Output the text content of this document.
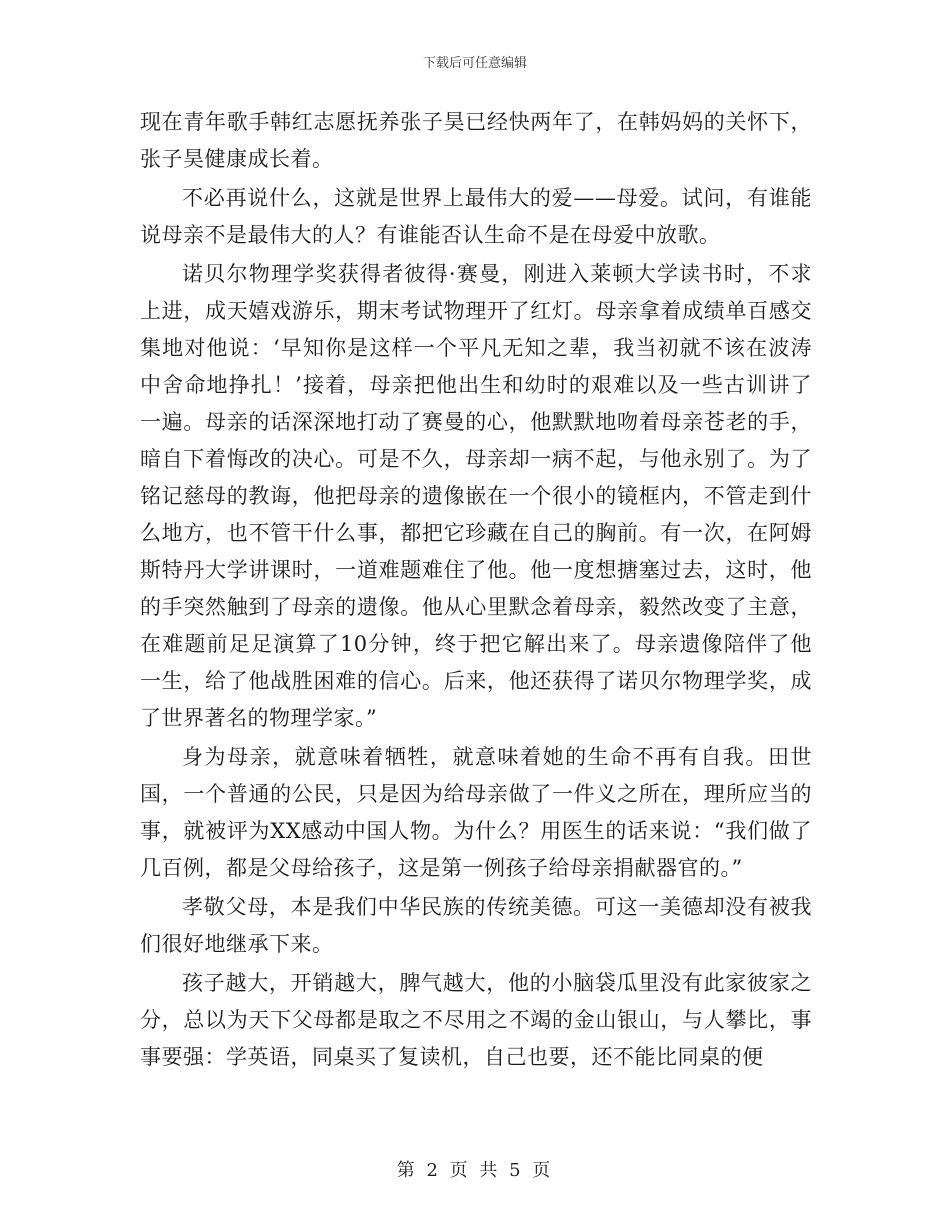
下载后可任意编辑

现在青年歌手韩红志愿抚养张子昊已经快两年了，在韩妈妈的关怀下，张子昊健康成长着。

不必再说什么，这就是世界上最伟大的爱——母爱。试问，有谁能说母亲不是最伟大的人？有谁能否认生命不是在母爱中放歌。

诺贝尔物理学奖获得者彼得·赛曼，刚进入莱顿大学读书时，不求上进，成天嬉戏游乐，期末考试物理开了红灯。母亲拿着成绩单百感交集地对他说：‘早知你是这样一个平凡无知之辈，我当初就不该在波涛中舍命地挣扎！’接着，母亲把他出生和幼时的艰难以及一些古训讲了一遍。母亲的话深深地打动了赛曼的心，他默默地吻着母亲苍老的手，暗自下着悔改的决心。可是不久，母亲却一病不起，与他永别了。为了铭记慈母的教诲，他把母亲的遗像嵌在一个很小的镜框内，不管走到什么地方，也不管干什么事，都把它珍藏在自己的胸前。有一次，在阿姆斯特丹大学讲课时，一道难题难住了他。他一度想搪塞过去，这时，他的手突然触到了母亲的遗像。他从心里默念着母亲，毅然改变了主意，在难题前足足演算了10分钟，终于把它解出来了。母亲遗像陪伴了他一生，给了他战胜困难的信心。后来，他还获得了诺贝尔物理学奖，成了世界著名的物理学家。”

身为母亲，就意味着牺牲，就意味着她的生命不再有自我。田世国，一个普通的公民，只是因为给母亲做了一件义之所在，理所应当的事，就被评为XX感动中国人物。为什么？用医生的话来说：“我们做了几百例，都是父母给孩子，这是第一例孩子给母亲捐献器官的。”

孝敬父母，本是我们中华民族的传统美德。可这一美德却没有被我们很好地继承下来。

孩子越大，开销越大，脾气越大，他的小脑袋瓜里没有此家彼家之分，总以为天下父母都是取之不尽用之不竭的金山银山，与人攀比，事事要强：学英语，同桌买了复读机，自己也要，还不能比同桌的便

第 2 页 共 5 页
